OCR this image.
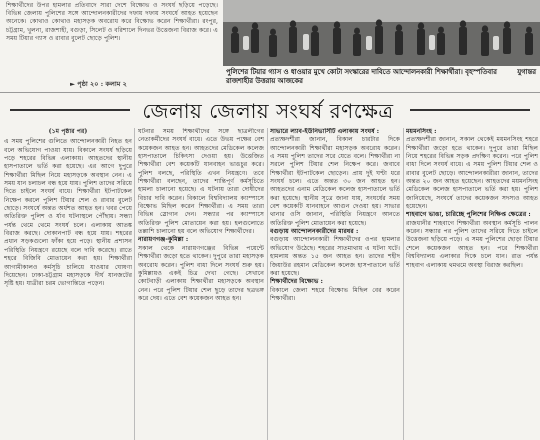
শিক্ষার্থীদের উপর হামলার প্রতিবাদে সারা দেশে বিক্ষোভ ও সংঘর্ষ ছড়িয়ে পড়েছে। বিভিন্ন জেলায় পুলিশের সঙ্গে আন্দোলনকারীদের দফায় দফায় সংঘর্ষে আহত হয়েছেন অনেকে। কোথাও কোথাও মহাসড়ক অবরোধ করে বিক্ষোভ করেন শিক্ষার্থীরা। রংপুর, চট্টগ্রাম, খুলনা, রাজশাহী, বগুড়া, সিলেট ও বরিশালে দিনভর উত্তেজনা বিরাজ করে। এ সময় টিয়ার গ্যাস ও রাবার বুলেট ছোড়ে পুলিশ।

► পৃষ্ঠা ২০ : কলাম ২
যুগান্তর
পুলিশের টিয়ার গ্যাস ও ধাওয়ার মুখে কোটা সংস্কারের দাবিতে আন্দোলনকারী শিক্ষার্থীরা। বৃহস্পতিবার রাজশাহীর উত্তরায় আজকের
জেলায় জেলায় সংঘর্ষ রণক্ষেত্র

(১ম পৃষ্ঠার পর)

এ সময় পুলিশের গুলিতে আন্দোলনকারী নিহত হন বলে অভিযোগ পাওয়া যায়। বিকালে সংঘর্ষ ছড়িয়ে পড়ে শহরের বিভিন্ন এলাকায়। আহতদের স্থানীয় হাসপাতালে ভর্তি করা হয়েছে। এর আগে দুপুরে শিক্ষার্থীরা মিছিল নিয়ে মহাসড়কে অবস্থান নেন। এ সময় যান চলাচল বন্ধ হয়ে যায়। পুলিশ তাদের সরিয়ে দিতে চাইলে সংঘর্ষ বাধে। শিক্ষার্থীরা ইটপাটকেল নিক্ষেপ করলে পুলিশ টিয়ার শেল ও রাবার বুলেট ছোড়ে। সংঘর্ষে অন্তত অর্ধশত আহত হন। খবর পেয়ে অতিরিক্ত পুলিশ ও র্যাব ঘটনাস্থলে পৌঁছায়। সন্ধ্যা পর্যন্ত থেমে থেমে সংঘর্ষ চলে। এলাকায় আতঙ্ক বিরাজ করছে। দোকানপাট বন্ধ হয়ে যায়। শহরের প্রধান সড়কগুলো ফাঁকা হয়ে পড়ে। স্থানীয় প্রশাসন পরিস্থিতি নিয়ন্ত্রণে রয়েছে বলে দাবি করেছে। রাতে শহরে বিজিবি মোতায়েন করা হয়। শিক্ষার্থীরা আগামীকালও কর্মসূচি চালিয়ে যাওয়ার ঘোষণা দিয়েছেন। ঢাকা-চট্টগ্রাম মহাসড়কে দীর্ঘ যানজটের সৃষ্টি হয়। যাত্রীরা চরম ভোগান্তিতে পড়েন।

ঘটনার সময় শিক্ষার্থীদের সঙ্গে ছাত্রলীগের নেতাকর্মীদের সংঘর্ষ বাধে। এতে উভয় পক্ষের বেশ কয়েকজন আহত হন। আহতদের মেডিকেল কলেজ হাসপাতালে চিকিৎসা দেওয়া হয়। উত্তেজিত শিক্ষার্থীরা বেশ কয়েকটি যানবাহন ভাঙচুর করে। পুলিশ বলছে, পরিস্থিতি এখন নিয়ন্ত্রণে। তবে শিক্ষার্থীরা বলছেন, তাদের শান্তিপূর্ণ কর্মসূচিতে হামলা চালানো হয়েছে। এ ঘটনায় তারা দোষীদের বিচার দাবি করেন। বিকালে বিশ্ববিদ্যালয় ক্যাম্পাসে বিক্ষোভ মিছিল করেন শিক্ষার্থীরা। এ সময় তারা বিভিন্ন স্লোগান দেন। সন্ধ্যার পর ক্যাম্পাসে অতিরিক্ত পুলিশ মোতায়েন করা হয়। হলগুলোতে তল্লাশি চালানো হয় বলে অভিযোগ শিক্ষার্থীদের।

নারায়ণগঞ্জ-কুমিল্লা :

সকাল থেকে নারায়ণগঞ্জের বিভিন্ন পয়েন্টে শিক্ষার্থীরা জড়ো হতে থাকেন। দুপুরে তারা মহাসড়ক অবরোধ করেন। পুলিশ বাধা দিলে সংঘর্ষ শুরু হয়। কুমিল্লায়ও একই চিত্র দেখা গেছে। সেখানে কোটবাড়ী এলাকায় শিক্ষার্থীরা মহাসড়কে অবস্থান নেন। পরে পুলিশ টিয়ার শেল ছুড়ে তাদের ছত্রভঙ্গ করে দেয়। এতে বেশ কয়েকজন আহত হন।

সাভারে ল্যাব-ইউনিভার্সিটি এলাকায় সংঘর্ষ :

প্রত্যক্ষদর্শীরা জানান, বিকাল চারটার দিকে আন্দোলনকারী শিক্ষার্থীরা মহাসড়ক অবরোধ করেন। এ সময় পুলিশ তাদের সরে যেতে বলে। শিক্ষার্থীরা না সরলে পুলিশ টিয়ার শেল নিক্ষেপ করে। জবাবে শিক্ষার্থীরা ইটপাটকেল ছোড়েন। প্রায় দুই ঘণ্টা ধরে সংঘর্ষ চলে। এতে অন্তত ৩০ জন আহত হন। আহতদের এনাম মেডিকেল কলেজ হাসপাতালে ভর্তি করা হয়েছে। স্থানীয় সূত্রে জানা যায়, সংঘর্ষের সময় বেশ কয়েকটি যানবাহনে আগুন দেওয়া হয়। সাভার থানার ওসি জানান, পরিস্থিতি নিয়ন্ত্রণে আনতে অতিরিক্ত পুলিশ মোতায়েন করা হয়েছে।

বগুড়ায় আন্দোলনকারীদের মারধর :

বগুড়ায় আন্দোলনকারী শিক্ষার্থীদের ওপর হামলার অভিযোগ উঠেছে। শহরের সাতমাথায় এ ঘটনা ঘটে। হামলায় অন্তত ১৫ জন আহত হন। তাদের শহীদ জিয়াউর রহমান মেডিকেল কলেজ হাসপাতালে ভর্তি করা হয়েছে।

শিক্ষার্থীদের বিক্ষোভ :

বিকালে জেলা শহরে বিক্ষোভ মিছিল বের করেন শিক্ষার্থীরা।

ময়মনসিংহ :

প্রত্যক্ষদর্শীরা জানান, সকাল থেকেই ময়মনসিংহ শহরে শিক্ষার্থীরা জড়ো হতে থাকেন। দুপুরে তারা মিছিল নিয়ে শহরের বিভিন্ন সড়ক প্রদক্ষিণ করেন। পরে পুলিশ বাধা দিলে সংঘর্ষ বাধে। এ সময় পুলিশ টিয়ার শেল ও রাবার বুলেট ছোড়ে। আন্দোলনকারীরা জানান, তাদের অন্তত ২০ জন আহত হয়েছেন। আহতদের ময়মনসিংহ মেডিকেল কলেজ হাসপাতালে ভর্তি করা হয়। পুলিশ জানিয়েছে, সংঘর্ষে তাদের কয়েকজন সদস্যও আহত হয়েছেন।

শাহবাগে ভাঙা, চারিচ্ছে পুলিশের নিক্ষিপ্ত ক্ষেত্রের :

রাজধানীর শাহবাগে শিক্ষার্থীরা অবস্থান কর্মসূচি পালন করেন। সন্ধ্যার পর পুলিশ তাদের সরিয়ে দিতে চাইলে উত্তেজনা ছড়িয়ে পড়ে। এ সময় পুলিশের ছোড়া টিয়ার শেলে কয়েকজন আহত হন। পরে শিক্ষার্থীরা বিশ্ববিদ্যালয় এলাকার দিকে চলে যান। রাত পর্যন্ত শাহবাগ এলাকায় থমথমে অবস্থা বিরাজ করছিল।
